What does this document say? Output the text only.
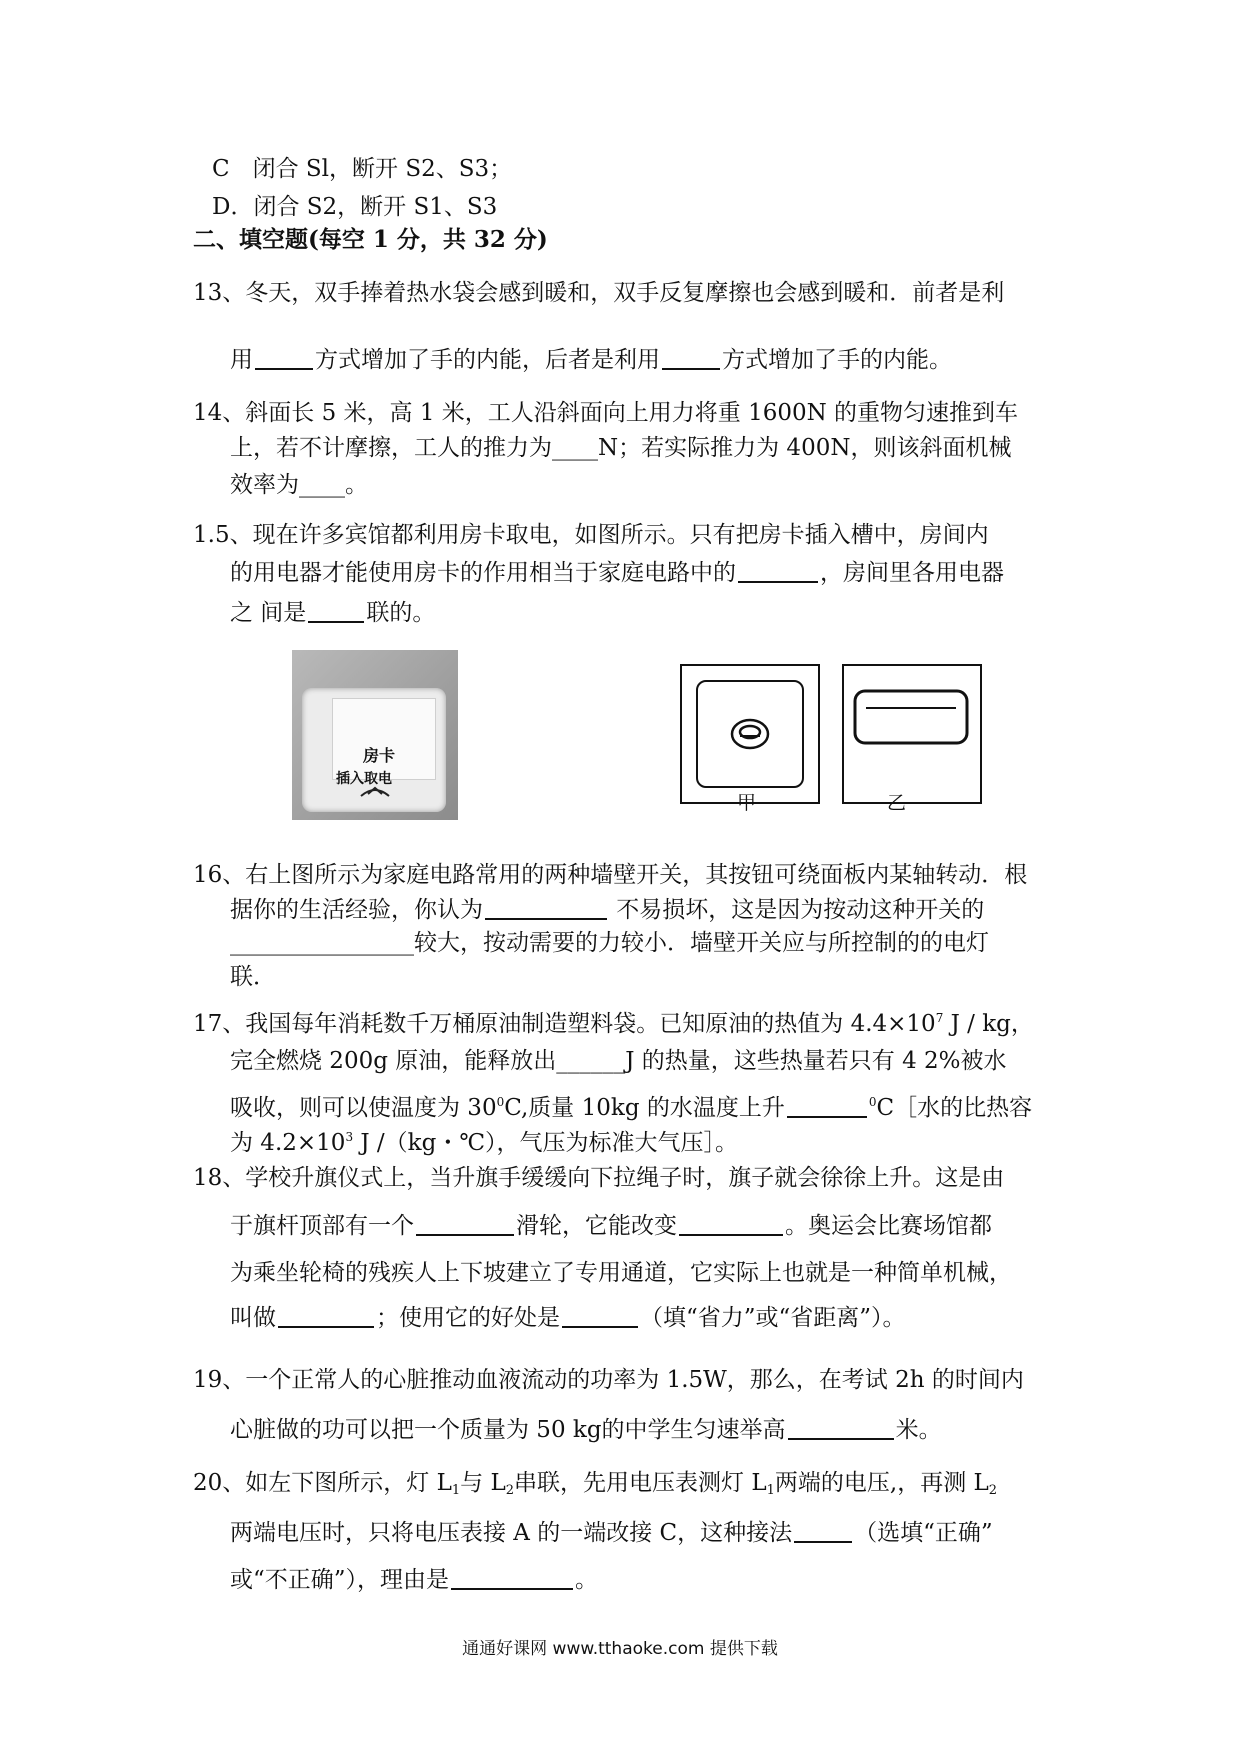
C　闭合 Sl，断开 S2、S3；
D．闭合 S2，断开 S1、S3
二、填空题(每空 1 分，共 32 分)
13、冬天，双手捧着热水袋会感到暖和，双手反复摩擦也会感到暖和．前者是利
用	方式增加了手的内能，后者是利用	方式增加了手的内能。
14、斜面长 5 米，高 1 米，工人沿斜面向上用力将重 1600N 的重物匀速推到车
上，若不计摩擦，工人的推力为____N；若实际推力为 400N，则该斜面机械
效率为____。
1.5、现在许多宾馆都利用房卡取电，如图所示。只有把房卡插入槽中，房间内
的用电器才能使用房卡的作用相当于家庭电路中的	，房间里各用电器
之 间是	联的。
房卡
插入取电
甲	乙
16、右上图所示为家庭电路常用的两种墙壁开关，其按钮可绕面板内某轴转动．根
据你的生活经验，你认为	不易损坏，这是因为按动这种开关的
________________较大，按动需要的力较小．墙壁开关应与所控制的的电灯
联．
17、我国每年消耗数千万桶原油制造塑料袋。已知原油的热值为 $4.4\times 10^7$ J / kg，
完全燃烧 200g 原油，能释放出______J 的热量，这些热量若只有 4 2%被水
吸收，则可以使温度为 $30^0C$,质量 10kg 的水温度上升	$^0$C［水的比热容
为 $4.2\times 10^3$ J /（kg・℃），气压为标准大气压］。
18、学校升旗仪式上，当升旗手缓缓向下拉绳子时，旗子就会徐徐上升。这是由
于旗杆顶部有一个	滑轮，它能改变	。奥运会比赛场馆都
为乘坐轮椅的残疾人上下坡建立了专用通道，它实际上也就是一种简单机械，
叫做	；使用它的好处是	（填“省力”或“省距离”）。
19、一个正常人的心脏推动血液流动的功率为 1.5W，那么，在考试 2h 的时间内
心脏做的功可以把一个质量为 50 kg的中学生匀速举高	米。
20、如左下图所示，灯 $L_1$与 $L_2$串联，先用电压表测灯 $L_1$两端的电压,，再测 $L_2$
两端电压时，只将电压表接 A 的一端改接 C，这种接法	（选填“正确”
或“不正确”），理由是	。
通通好课网 www.tthaoke.com 提供下载
